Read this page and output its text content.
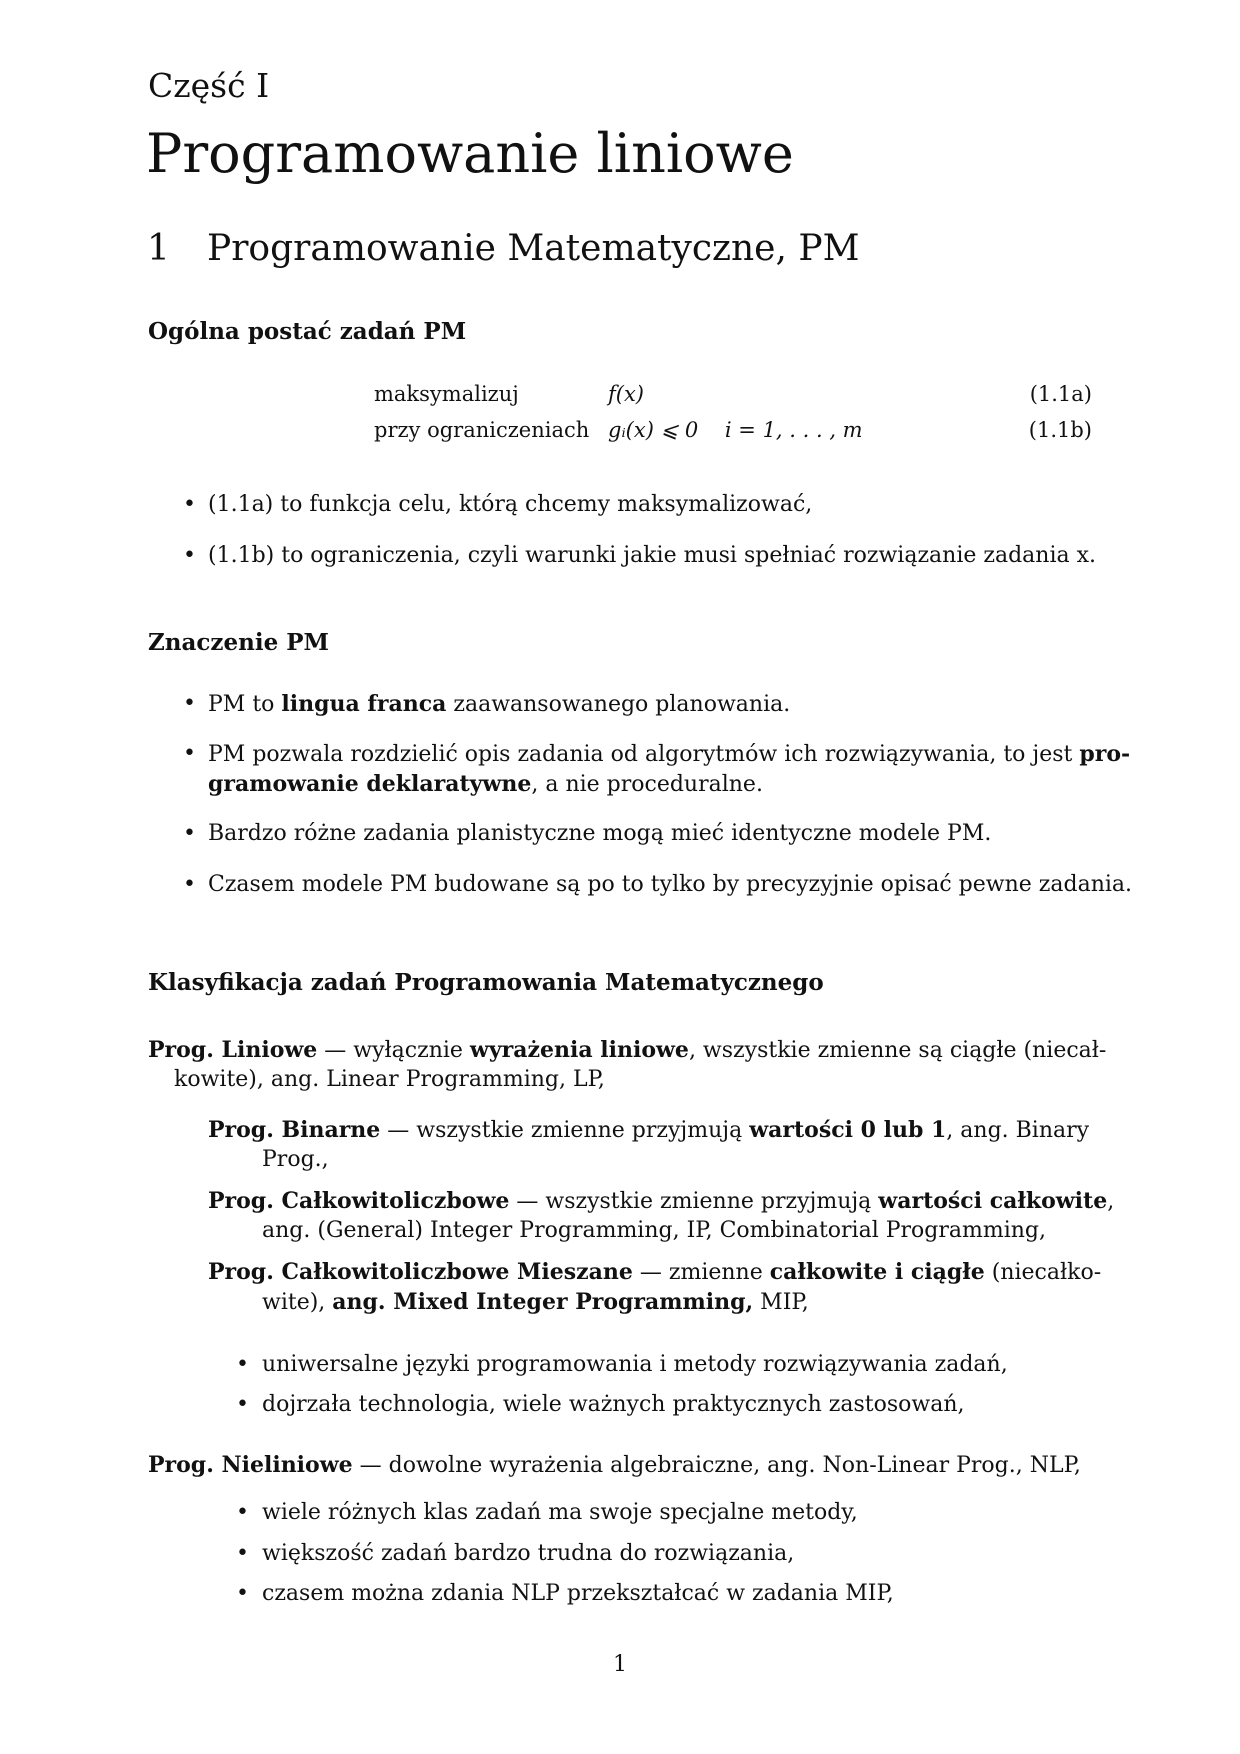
Część I
Programowanie liniowe
1 Programowanie Matematyczne, PM
Ogólna postać zadań PM
maksymalizuj	f(x)	(1.1a)
przy ograniczeniach gᵢ(x) ⩽ 0    i = 1, . . . , m	(1.1b)
•
(1.1a) to funkcja celu, którą chcemy maksymalizować,
•
(1.1b) to ograniczenia, czyli warunki jakie musi spełniać rozwiązanie zadania x.
Znaczenie PM
•
PM to lingua franca zaawansowanego planowania.
•
PM pozwala rozdzielić opis zadania od algorytmów ich rozwiązywania, to jest pro-
gramowanie deklaratywne, a nie proceduralne.
•
Bardzo różne zadania planistyczne mogą mieć identyczne modele PM.
•
Czasem modele PM budowane są po to tylko by precyzyjnie opisać pewne zadania.
Klasyfikacja zadań Programowania Matematycznego
Prog. Liniowe — wyłącznie wyrażenia liniowe, wszystkie zmienne są ciągłe (niecał-
kowite), ang. Linear Programming, LP,
Prog. Binarne — wszystkie zmienne przyjmują wartości 0 lub 1, ang. Binary
Prog.,
Prog. Całkowitoliczbowe — wszystkie zmienne przyjmują wartości całkowite,
ang. (General) Integer Programming, IP, Combinatorial Programming,
Prog. Całkowitoliczbowe Mieszane — zmienne całkowite i ciągłe (niecałko-
wite), ang. Mixed Integer Programming, MIP,
•
uniwersalne języki programowania i metody rozwiązywania zadań,
•
dojrzała technologia, wiele ważnych praktycznych zastosowań,
Prog. Nieliniowe — dowolne wyrażenia algebraiczne, ang. Non-Linear Prog., NLP,
•
wiele różnych klas zadań ma swoje specjalne metody,
•
większość zadań bardzo trudna do rozwiązania,
•
czasem można zdania NLP przekształcać w zadania MIP,
1
